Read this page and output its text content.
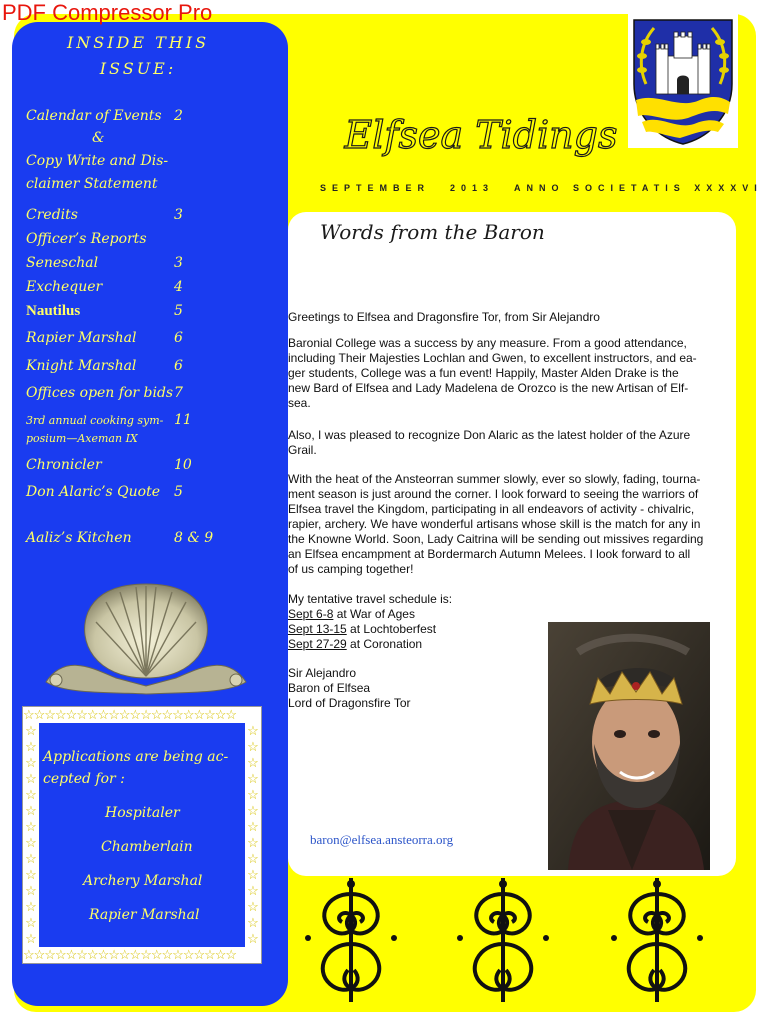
PDF Compressor Pro
INSIDE THIS
ISSUE:
Calendar of Events 2
&
Copy Write and Dis-
claimer Statement
Credits	3
Officer’s Reports
Seneschal	3
Exchequer	4
Nautilus	5
Rapier Marshal	6
Knight Marshal	6
Offices open for bids 7
3rd annual cooking sym- 11
posium—Axeman IX
Chronicler	10
Don Alaric’s Quote 5
Aaliz’s Kitchen	8 & 9
☆☆☆☆☆☆☆☆☆☆☆☆☆☆☆☆☆☆☆☆
☆
☆
☆
☆
☆
☆
☆
☆
☆
☆
☆
☆
☆
☆
☆
☆
☆
☆
☆
☆
☆
☆
☆
☆
☆
☆
☆
☆
☆☆☆☆☆☆☆☆☆☆☆☆☆☆☆☆☆☆☆☆
Applications are being ac-
cepted for :
Hospitaler
Chamberlain
Archery Marshal
Rapier Marshal
Elfsea Tidings
SEPTEMBER 2013 ANNO SOCIETATIS XXXXVI
Words from the Baron
Greetings to Elfsea and Dragonsfire Tor, from Sir Alejandro
Baronial College was a success by any measure. From a good attendance,
including Their Majesties Lochlan and Gwen, to excellent instructors, and ea-
ger students, College was a fun event! Happily, Master Alden Drake is the
new Bard of Elfsea and Lady Madelena de Orozco is the new Artisan of Elf-
sea.
Also, I was pleased to recognize Don Alaric as the latest holder of the Azure
Grail.
With the heat of the Ansteorran summer slowly, ever so slowly, fading, tourna-
ment season is just around the corner. I look forward to seeing the warriors of
Elfsea travel the Kingdom, participating in all endeavors of activity - chivalric,
rapier, archery. We have wonderful artisans whose skill is the match for any in
the Knowne World. Soon, Lady Caitrina will be sending out missives regarding
an Elfsea encampment at Bordermarch Autumn Melees. I look forward to all
of us camping together!
My tentative travel schedule is:
Sept 6-8 at War of Ages
Sept 13-15 at Lochtoberfest
Sept 27-29 at Coronation
Sir Alejandro
Baron of Elfsea
Lord of Dragonsfire Tor
baron@elfsea.ansteorra.org
